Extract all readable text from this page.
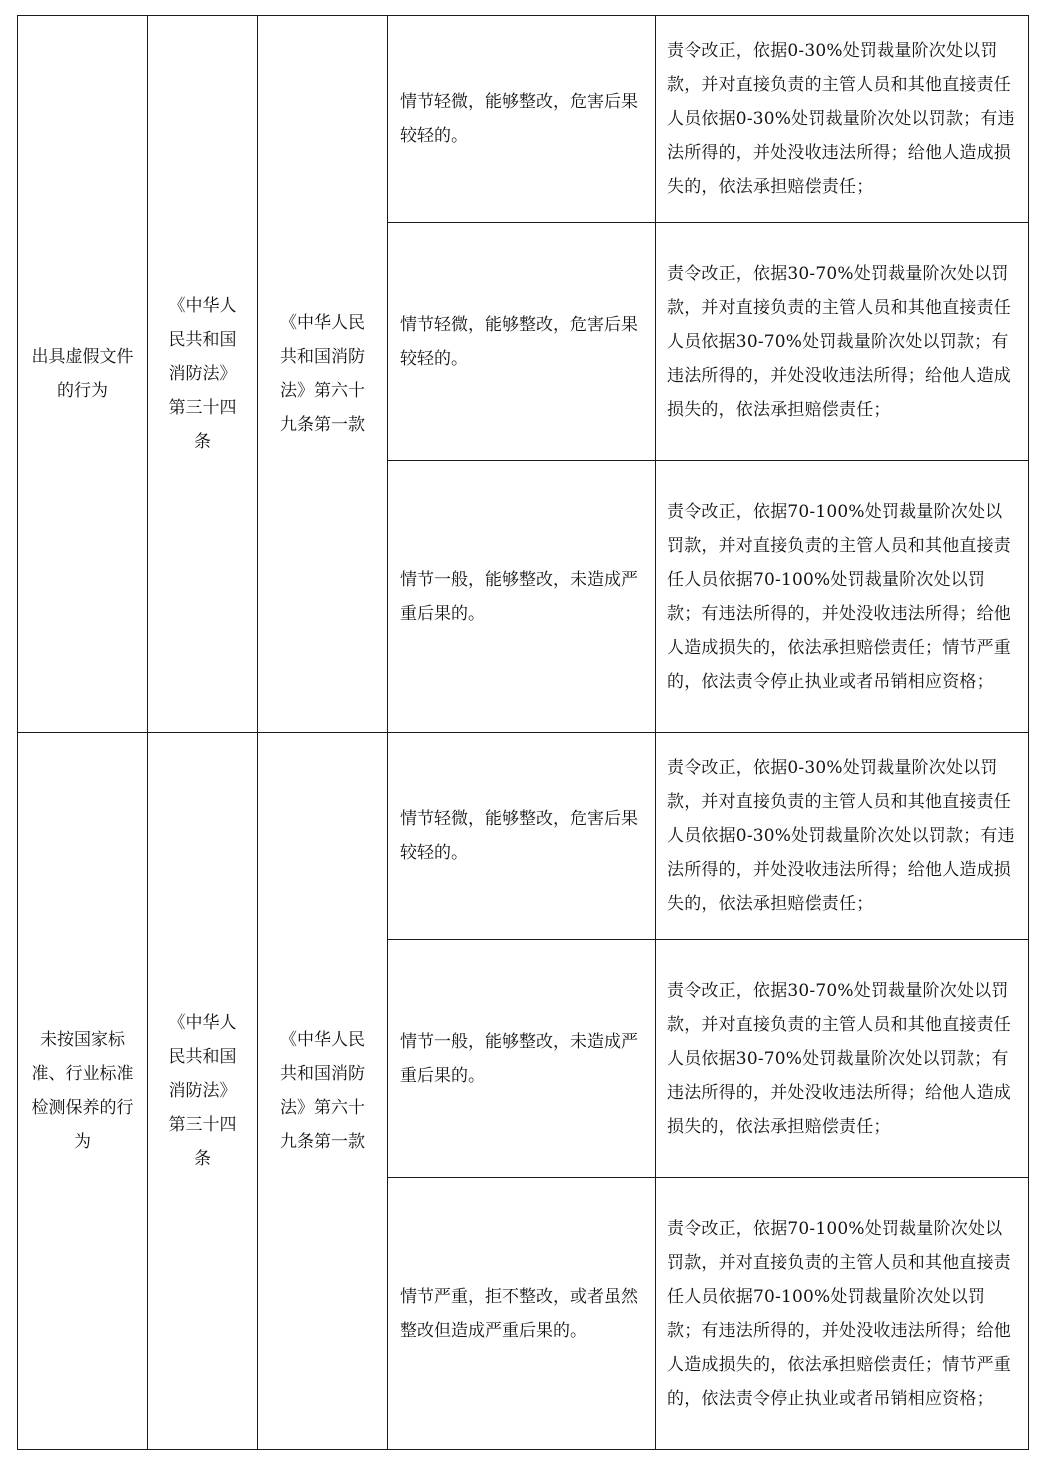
出具虚假文件的行为	《中华人民共和国消防法》第三十四条	《中华人民共和国消防法》第六十九条第一款	情节轻微，能够整改，危害后果较轻的。	责令改正，依据0-30%处罚裁量阶次处以罚款，并对直接负责的主管人员和其他直接责任人员依据0-30%处罚裁量阶次处以罚款；有违法所得的，并处没收违法所得；给他人造成损失的，依法承担赔偿责任；
			情节轻微，能够整改，危害后果较轻的。	责令改正，依据30-70%处罚裁量阶次处以罚款，并对直接负责的主管人员和其他直接责任人员依据30-70%处罚裁量阶次处以罚款；有违法所得的，并处没收违法所得；给他人造成损失的，依法承担赔偿责任；
			情节一般，能够整改，未造成严重后果的。	责令改正，依据70-100%处罚裁量阶次处以罚款，并对直接负责的主管人员和其他直接责任人员依据70-100%处罚裁量阶次处以罚款；有违法所得的，并处没收违法所得；给他人造成损失的，依法承担赔偿责任；情节严重的，依法责令停止执业或者吊销相应资格；
未按国家标准、行业标准检测保养的行为	《中华人民共和国消防法》第三十四条	《中华人民共和国消防法》第六十九条第一款	情节轻微，能够整改，危害后果较轻的。	责令改正，依据0-30%处罚裁量阶次处以罚款，并对直接负责的主管人员和其他直接责任人员依据0-30%处罚裁量阶次处以罚款；有违法所得的，并处没收违法所得；给他人造成损失的，依法承担赔偿责任；
			情节一般，能够整改，未造成严重后果的。	责令改正，依据30-70%处罚裁量阶次处以罚款，并对直接负责的主管人员和其他直接责任人员依据30-70%处罚裁量阶次处以罚款；有违法所得的，并处没收违法所得；给他人造成损失的，依法承担赔偿责任；
			情节严重，拒不整改，或者虽然整改但造成严重后果的。	责令改正，依据70-100%处罚裁量阶次处以罚款，并对直接负责的主管人员和其他直接责任人员依据70-100%处罚裁量阶次处以罚款；有违法所得的，并处没收违法所得；给他人造成损失的，依法承担赔偿责任；情节严重的，依法责令停止执业或者吊销相应资格；
